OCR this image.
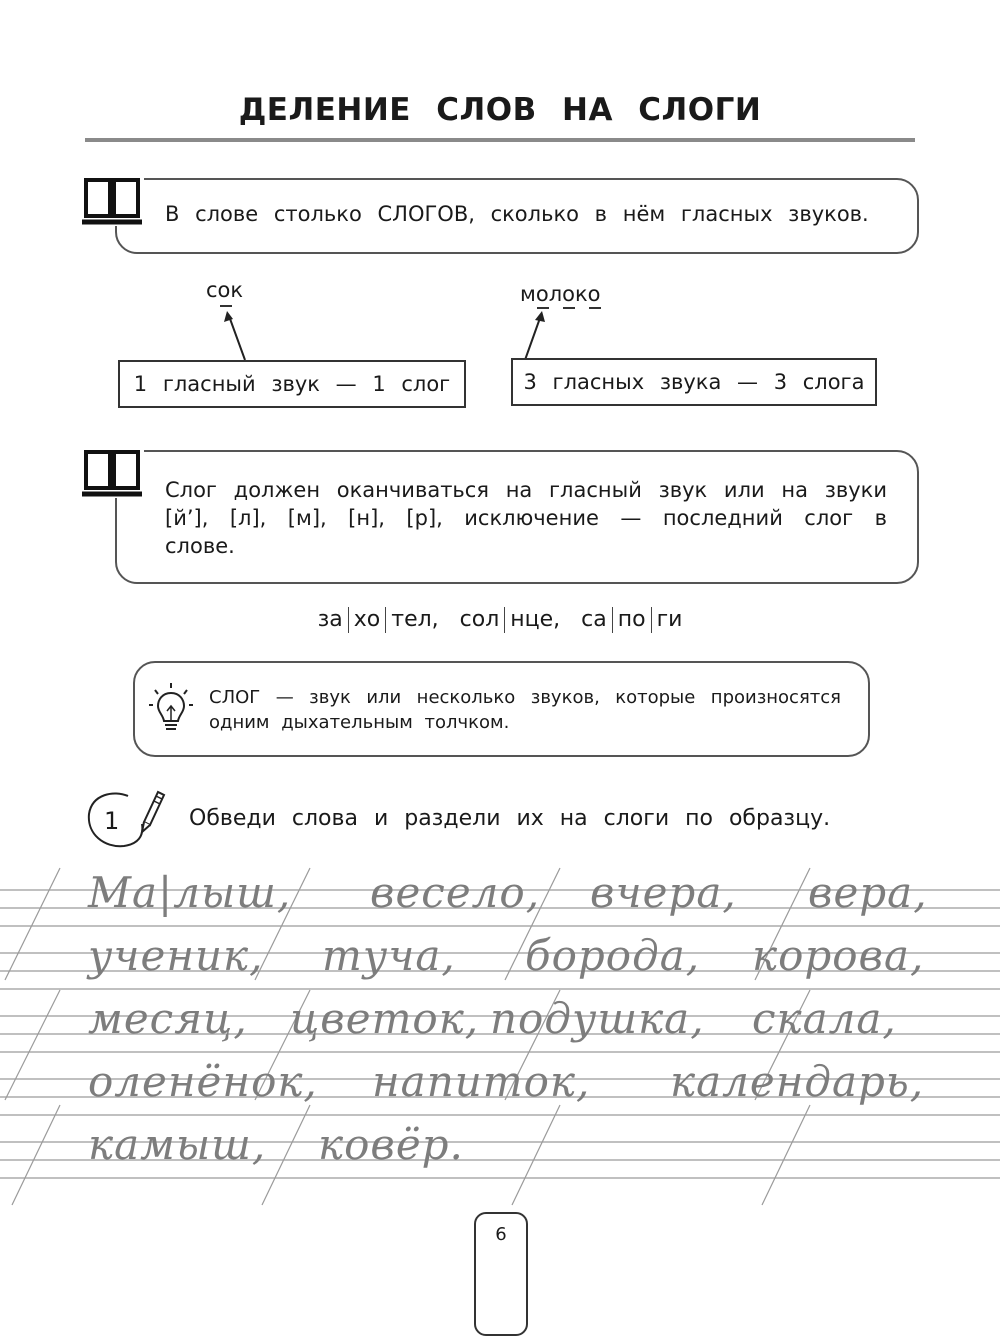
ДЕЛЕНИЕ СЛОВ НА СЛОГИ
В слове столько СЛОГОВ, сколько в нём гласных звуков.
сок
1 гласный звук — 1 слог
молоко
3 гласных звука — 3 слога
Слог должен оканчиваться на гласный звук или на звуки [й’], [л], [м], [н], [р], исключение — последний слог в слове.
за хо тел, сол нце, са по ги
СЛОГ — звук или несколько звуков, которые произносятся одним дыхательным толчком.
1	Обведи слова и раздели их на слоги по образцу.
Ма|лыш, весело, вчера, вера,
ученик, туча, борода, корова,
месяц, цветок, подушка, скала,
оленёнок, напиток, календарь,
камыш, ковёр.
6
